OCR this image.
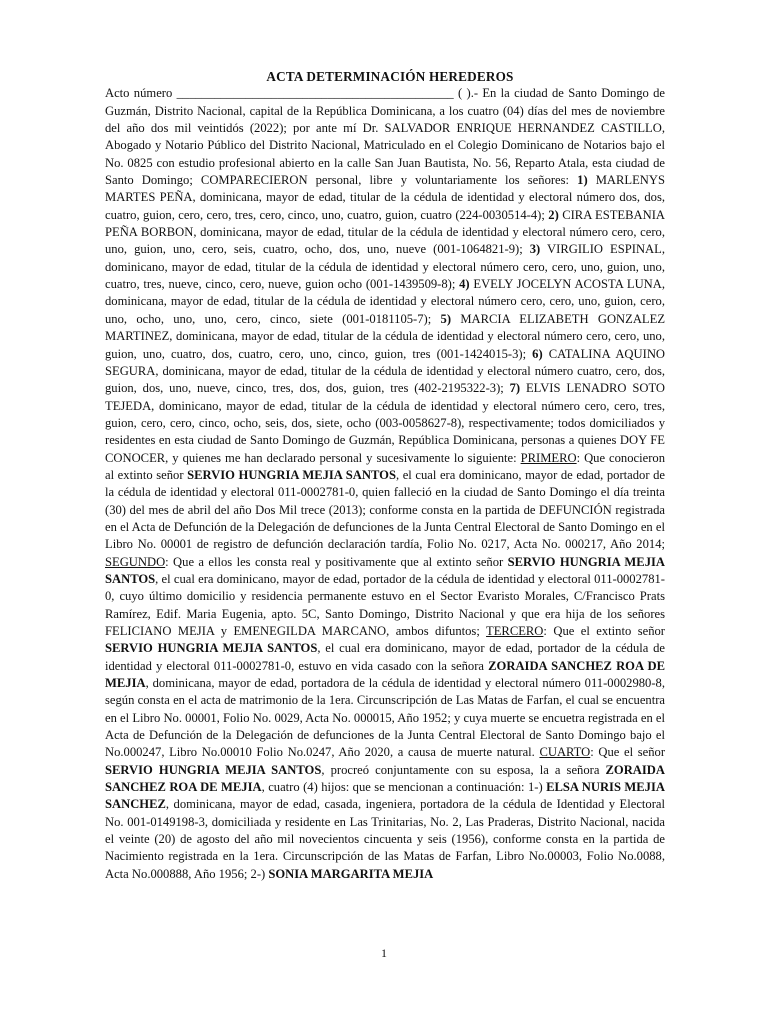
ACTA DETERMINACIÓN HEREDEROS

Acto número ____________________________________________ ( ).- En la ciudad de Santo Domingo de Guzmán, Distrito Nacional, capital de la República Dominicana, a los cuatro (04) días del mes de noviembre del año dos mil veintidós (2022); por ante mí Dr. SALVADOR ENRIQUE HERNANDEZ CASTILLO, Abogado y Notario Público del Distrito Nacional, Matriculado en el Colegio Dominicano de Notarios bajo el No. 0825 con estudio profesional abierto en la calle San Juan Bautista, No. 56, Reparto Atala, esta ciudad de Santo Domingo; COMPARECIERON personal, libre y voluntariamente los señores: 1) MARLENYS MARTES PEÑA, dominicana, mayor de edad, titular de la cédula de identidad y electoral número dos, dos, cuatro, guion, cero, cero, tres, cero, cinco, uno, cuatro, guion, cuatro (224-0030514-4); 2) CIRA ESTEBANIA PEÑA BORBON, dominicana, mayor de edad, titular de la cédula de identidad y electoral número cero, cero, uno, guion, uno, cero, seis, cuatro, ocho, dos, uno, nueve (001-1064821-9); 3) VIRGILIO ESPINAL, dominicano, mayor de edad, titular de la cédula de identidad y electoral número cero, cero, uno, guion, uno, cuatro, tres, nueve, cinco, cero, nueve, guion ocho (001-1439509-8); 4) EVELY JOCELYN ACOSTA LUNA, dominicana, mayor de edad, titular de la cédula de identidad y electoral número cero, cero, uno, guion, cero, uno, ocho, uno, uno, cero, cinco, siete (001-0181105-7); 5) MARCIA ELIZABETH GONZALEZ MARTINEZ, dominicana, mayor de edad, titular de la cédula de identidad y electoral número cero, cero, uno, guion, uno, cuatro, dos, cuatro, cero, uno, cinco, guion, tres (001-1424015-3); 6) CATALINA AQUINO SEGURA, dominicana, mayor de edad, titular de la cédula de identidad y electoral número cuatro, cero, dos, guion, dos, uno, nueve, cinco, tres, dos, dos, guion, tres (402-2195322-3); 7) ELVIS LENADRO SOTO TEJEDA, dominicano, mayor de edad, titular de la cédula de identidad y electoral número cero, cero, tres, guion, cero, cero, cinco, ocho, seis, dos, siete, ocho (003-0058627-8), respectivamente; todos domiciliados y residentes en esta ciudad de Santo Domingo de Guzmán, República Dominicana, personas a quienes DOY FE CONOCER, y quienes me han declarado personal y sucesivamente lo siguiente: PRIMERO: Que conocieron al extinto señor SERVIO HUNGRIA MEJIA SANTOS, el cual era dominicano, mayor de edad, portador de la cédula de identidad y electoral 011-0002781-0, quien falleció en la ciudad de Santo Domingo el día treinta (30) del mes de abril del año Dos Mil trece (2013); conforme consta en la partida de DEFUNCIÓN registrada en el Acta de Defunción de la Delegación de defunciones de la Junta Central Electoral de Santo Domingo en el Libro No. 00001 de registro de defunción declaración tardía, Folio No. 0217, Acta No. 000217, Año 2014; SEGUNDO: Que a ellos les consta real y positivamente que al extinto señor SERVIO HUNGRIA MEJIA SANTOS, el cual era dominicano, mayor de edad, portador de la cédula de identidad y electoral 011-0002781-0, cuyo último domicilio y residencia permanente estuvo en el Sector Evaristo Morales, C/Francisco Prats Ramírez, Edif. Maria Eugenia, apto. 5C, Santo Domingo, Distrito Nacional y que era hija de los señores FELICIANO MEJIA y EMENEGILDA MARCANO, ambos difuntos; TERCERO: Que el extinto señor SERVIO HUNGRIA MEJIA SANTOS, el cual era dominicano, mayor de edad, portador de la cédula de identidad y electoral 011-0002781-0, estuvo en vida casado con la señora ZORAIDA SANCHEZ ROA DE MEJIA, dominicana, mayor de edad, portadora de la cédula de identidad y electoral número 011-0002980-8, según consta en el acta de matrimonio de la 1era. Circunscripción de Las Matas de Farfan, el cual se encuentra en el Libro No. 00001, Folio No. 0029, Acta No. 000015, Año 1952; y cuya muerte se encuetra registrada en el Acta de Defunción de la Delegación de defunciones de la Junta Central Electoral de Santo Domingo bajo el No.000247, Libro No.00010 Folio No.0247, Año 2020, a causa de muerte natural. CUARTO: Que el señor SERVIO HUNGRIA MEJIA SANTOS, procreó conjuntamente con su esposa, la a señora ZORAIDA SANCHEZ ROA DE MEJIA, cuatro (4) hijos: que se mencionan a continuación: 1-) ELSA NURIS MEJIA SANCHEZ, dominicana, mayor de edad, casada, ingeniera, portadora de la cédula de Identidad y Electoral No. 001-0149198-3, domiciliada y residente en Las Trinitarias, No. 2, Las Praderas, Distrito Nacional, nacida el veinte (20) de agosto del año mil novecientos cincuenta y seis (1956), conforme consta en la partida de Nacimiento registrada en la 1era. Circunscripción de las Matas de Farfan, Libro No.00003, Folio No.0088, Acta No.000888, Año 1956; 2-) SONIA MARGARITA MEJIA

1
